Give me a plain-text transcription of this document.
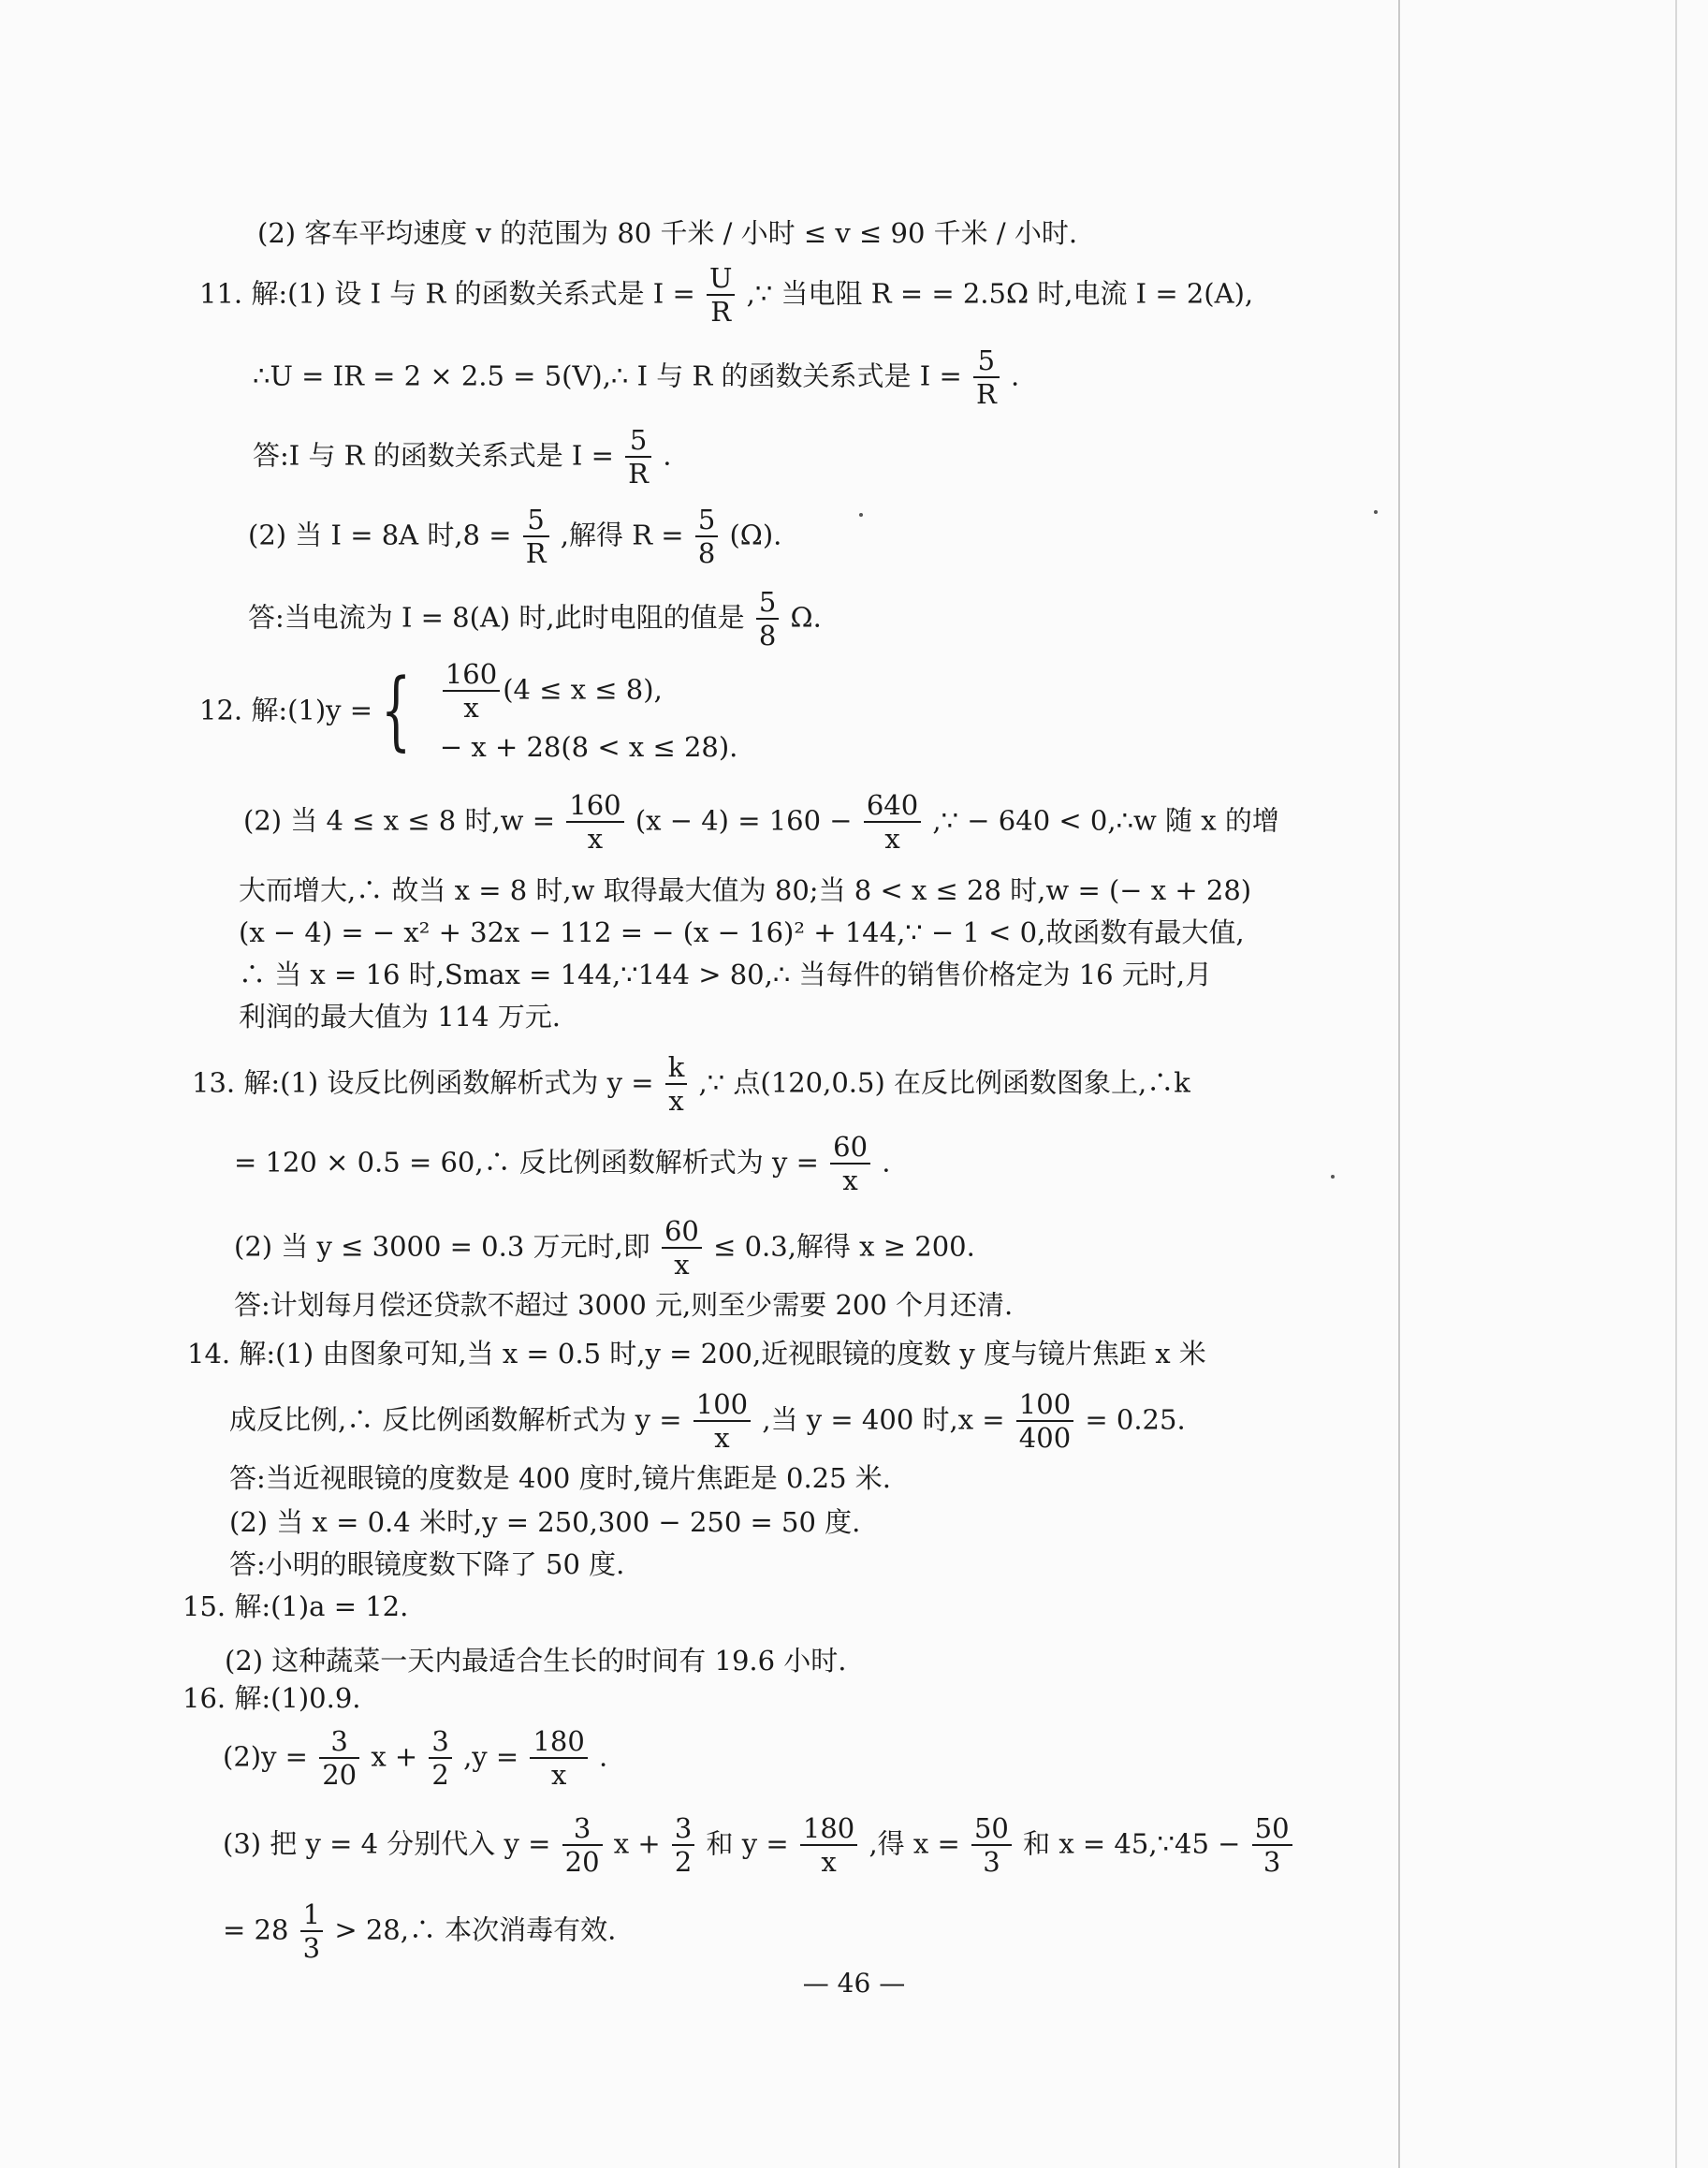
(2) 客车平均速度 v 的范围为 80 千米 / 小时 ≤ v ≤ 90 千米 / 小时.
11. 解:(1) 设 I 与 R 的函数关系式是 $I = \frac{U}{R}$ ,∵ 当电阻 R = = 2.5Ω 时,电流 I = 2(A),
∴U = IR = 2 × 2.5 = 5(V),∴ I 与 R 的函数关系式是 $I = \frac{5}{R}$ .
答:I 与 R 的函数关系式是 $I = \frac{5}{R}$ .
(2) 当 I = 8A 时$,8 = \frac{5}{R}$ ,解得 $R = \frac{5}{8} (\Omega)$.
答:当电流为 I = 8(A) 时,此时电阻的值是 $\frac{5}{8} \Omega$.
12. 解:(1)y = { $\frac{160}{x} (4 \le x \le 8)$,
− x + 28(8 < x ≤ 28).
(2) 当 4 ≤ x ≤ 8 时$,w = \frac{160}{x} (x - 4) = 160 - \frac{640}{x}$ ,∵ − 640 < 0,∴w 随 x 的增
大而增大,∴ 故当 x = 8 时,w 取得最大值为 80;当 8 < x ≤ 28 时,w = (− x + 28)
(x − 4) = − x² + 32x − 112 = − (x − 16)² + 144,∵ − 1 < 0,故函数有最大值,
∴ 当 x = 16 时,Smax = 144,∵144 > 80,∴ 当每件的销售价格定为 16 元时,月
利润的最大值为 114 万元.
13. 解:(1) 设反比例函数解析式为 $y = \frac{k}{x}$ ,∵ 点(120,0.5) 在反比例函数图象上,∴k
= 120 × 0.5 = 60,∴ 反比例函数解析式为 $y = \frac{60}{x}$ .
(2) 当 y ≤ 3000 = 0.3 万元时,即 $\frac{60}{x} \le 0.3$,解得 x ≥ 200.
答:计划每月偿还贷款不超过 3000 元,则至少需要 200 个月还清.
14. 解:(1) 由图象可知,当 x = 0.5 时,y = 200,近视眼镜的度数 y 度与镜片焦距 x 米
成反比例,∴ 反比例函数解析式为 $y = \frac{100}{x}$ ,当 y = 400 时$,x = \frac{100}{400} = 0.25$.
答:当近视眼镜的度数是 400 度时,镜片焦距是 0.25 米.
(2) 当 x = 0.4 米时,y = 250,300 − 250 = 50 度.
答:小明的眼镜度数下降了 50 度.
15. 解:(1)a = 12.
(2) 这种蔬菜一天内最适合生长的时间有 19.6 小时.
16. 解:(1)0.9.
$(2)y = \frac{3}{20}$ $x + \frac{3}{2} ,y = \frac{180}{x}$ .
(3) 把 y = 4 分别代入 $y = \frac{3}{20}$ $x + \frac{3}{2}$ 和 $y = \frac{180}{x}$ ,得 $x = \frac{50}{3}$ 和 x = 45,∵45 − $\frac{50}{3}$
= $28 \frac{1}{3}$ > 28,∴ 本次消毒有效.
— 46 —
